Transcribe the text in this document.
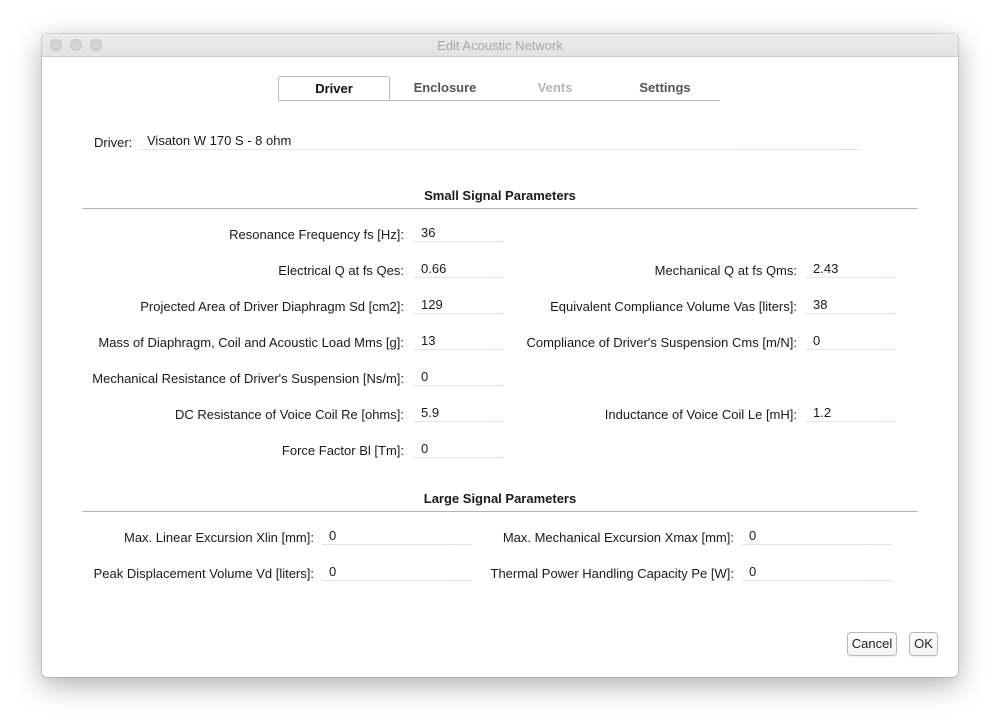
Edit Acoustic Network
Driver	Enclosure	Vents	Settings
Driver:	Visaton W 170 S - 8 ohm
Small Signal Parameters
Resonance Frequency fs [Hz]:	36
Electrical Q at fs Qes:	0.66	Mechanical Q at fs Qms:	2.43
Projected Area of Driver Diaphragm Sd [cm2]:	129	Equivalent Compliance Volume Vas [liters]:	38
Mass of Diaphragm, Coil and Acoustic Load Mms [g]:	13	Compliance of Driver's Suspension Cms [m/N]:	0
Mechanical Resistance of Driver's Suspension [Ns/m]:	0
DC Resistance of Voice Coil Re [ohms]:	5.9	Inductance of Voice Coil Le [mH]:	1.2
Force Factor Bl [Tm]:	0
Large Signal Parameters
Max. Linear Excursion Xlin [mm]:	0	Max. Mechanical Excursion Xmax [mm]:	0
Peak Displacement Volume Vd [liters]:	0	Thermal Power Handling Capacity Pe [W]:	0
Cancel	OK
